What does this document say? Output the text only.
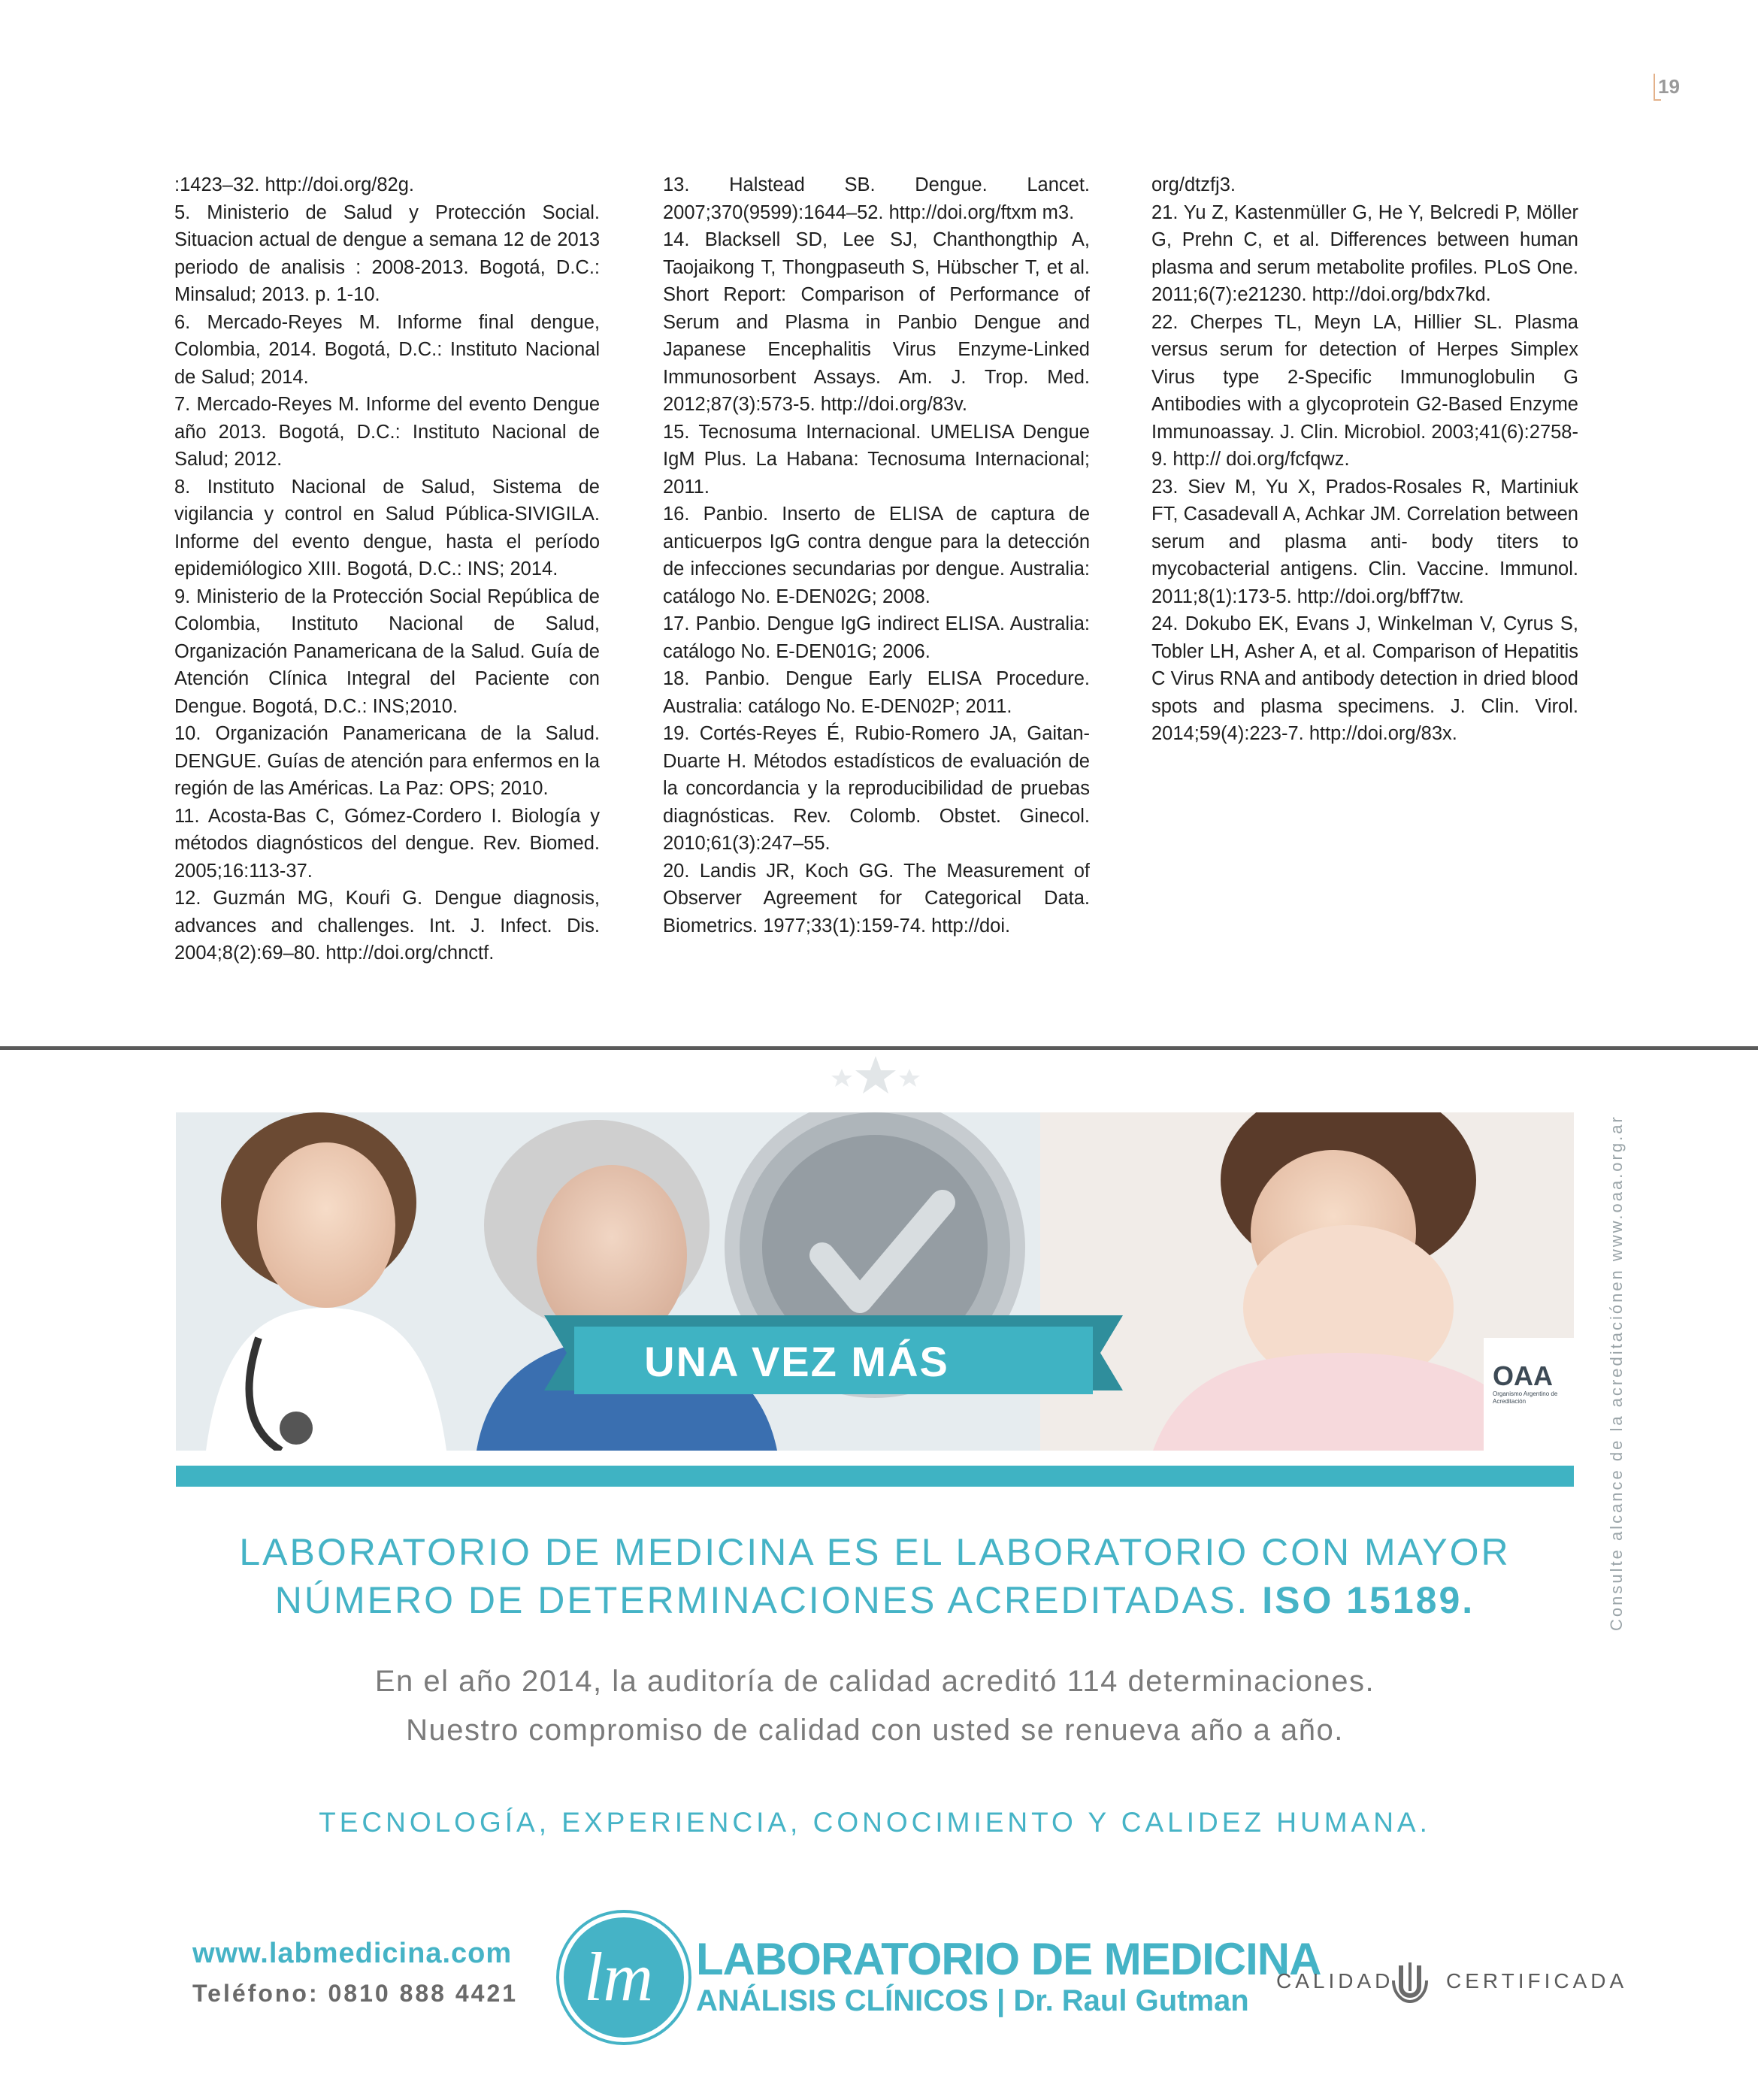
19

:1423–32. http://doi.org/82g.

5. Ministerio de Salud y Protección Social. Situacion actual de dengue a semana 12 de 2013 periodo de analisis : 2008-2013. Bogotá, D.C.: Minsalud; 2013. p. 1-10.

6. Mercado-Reyes M. Informe final dengue, Colombia, 2014. Bogotá, D.C.: Instituto Nacional de Salud; 2014.

7. Mercado-Reyes M. Informe del evento Dengue año 2013. Bogotá, D.C.: Instituto Nacional de Salud; 2012.

8. Instituto Nacional de Salud, Sistema de vigilancia y control en Salud Pública-SIVIGILA. Informe del evento dengue, hasta el período epidemiólogico XIII. Bogotá, D.C.: INS; 2014.

9. Ministerio de la Protección Social República de Colombia, Instituto Nacional de Salud, Organización Panamericana de la Salud. Guía de Atención Clínica Integral del Paciente con Dengue. Bogotá, D.C.: INS;2010.

10. Organización Panamericana de la Salud. DENGUE. Guías de atención para enfermos en la región de las Américas. La Paz: OPS; 2010.

11. Acosta-Bas C, Gómez-Cordero I. Biología y métodos diagnósticos del dengue. Rev. Biomed. 2005;16:113-37.

12. Guzmán MG, Kouŕi G. Dengue diagnosis, advances and challenges. Int. J. Infect. Dis. 2004;8(2):69–80. http://doi.org/chnctf.

13. Halstead SB. Dengue. Lancet. 2007;370(9599):1644–52. http://doi.org/ftxm m3.

14. Blacksell SD, Lee SJ, Chanthongthip A, Taojaikong T, Thongpaseuth S, Hübscher T, et al. Short Report: Comparison of Performance of Serum and Plasma in Panbio Dengue and Japanese Encephalitis Virus Enzyme-Linked Immunosorbent Assays. Am. J. Trop. Med. 2012;87(3):573-5. http://doi.org/83v.

15. Tecnosuma Internacional. UMELISA Dengue IgM Plus. La Habana: Tecnosuma Internacional; 2011.

16. Panbio. Inserto de ELISA de captura de anticuerpos IgG contra dengue para la detección de infecciones secundarias por dengue. Australia: catálogo No. E-DEN02G; 2008.

17. Panbio. Dengue IgG indirect ELISA. Australia: catálogo No. E-DEN01G; 2006.

18. Panbio. Dengue Early ELISA Procedure. Australia: catálogo No. E-DEN02P; 2011.

19. Cortés-Reyes É, Rubio-Romero JA, Gaitan-Duarte H. Métodos estadísticos de evaluación de la concordancia y la reproducibilidad de pruebas diagnósticas. Rev. Colomb. Obstet. Ginecol. 2010;61(3):247–55.

20. Landis JR, Koch GG. The Measurement of Observer Agreement for Categorical Data. Biometrics. 1977;33(1):159-74. http://doi.

org/dtzfj3.

21. Yu Z, Kastenmüller G, He Y, Belcredi P, Möller G, Prehn C, et al. Differences between human plasma and serum metabolite profiles. PLoS One. 2011;6(7):e21230. http://doi.org/bdx7kd.

22. Cherpes TL, Meyn LA, Hillier SL. Plasma versus serum for detection of Herpes Simplex Virus type 2-Specific Immunoglobulin G Antibodies with a glycoprotein G2-Based Enzyme Immunoassay. J. Clin. Microbiol. 2003;41(6):2758-9. http:// doi.org/fcfqwz.

23. Siev M, Yu X, Prados-Rosales R, Martiniuk FT, Casadevall A, Achkar JM. Correlation between serum and plasma anti- body titers to mycobacterial antigens. Clin. Vaccine. Immunol. 2011;8(1):173-5. http://doi.org/bff7tw.

24. Dokubo EK, Evans J, Winkelman V, Cyrus S, Tobler LH, Asher A, et al. Comparison of Hepatitis C Virus RNA and antibody detection in dried blood spots and plasma specimens. J. Clin. Virol. 2014;59(4):223-7. http://doi.org/83x.

UNA VEZ MÁS	OAA
Organismo Argentino de Acreditación	Consulte alcance de la acreditaciónen www.oaa.org.ar
LABORATORIO DE MEDICINA ES EL LABORATORIO CON MAYOR
NÚMERO DE DETERMINACIONES ACREDITADAS. ISO 15189.
En el año 2014, la auditoría de calidad acreditó 114 determinaciones.
Nuestro compromiso de calidad con usted se renueva año a año.
TECNOLOGÍA, EXPERIENCIA, CONOCIMIENTO Y CALIDEZ HUMANA.
www.labmedicina.com
Teléfono: 0810 888 4421 lm LABORATORIO DE MEDICINA
ANÁLISIS CLÍNICOS | Dr. Raul Gutman
CALIDAD CERTIFICADA
